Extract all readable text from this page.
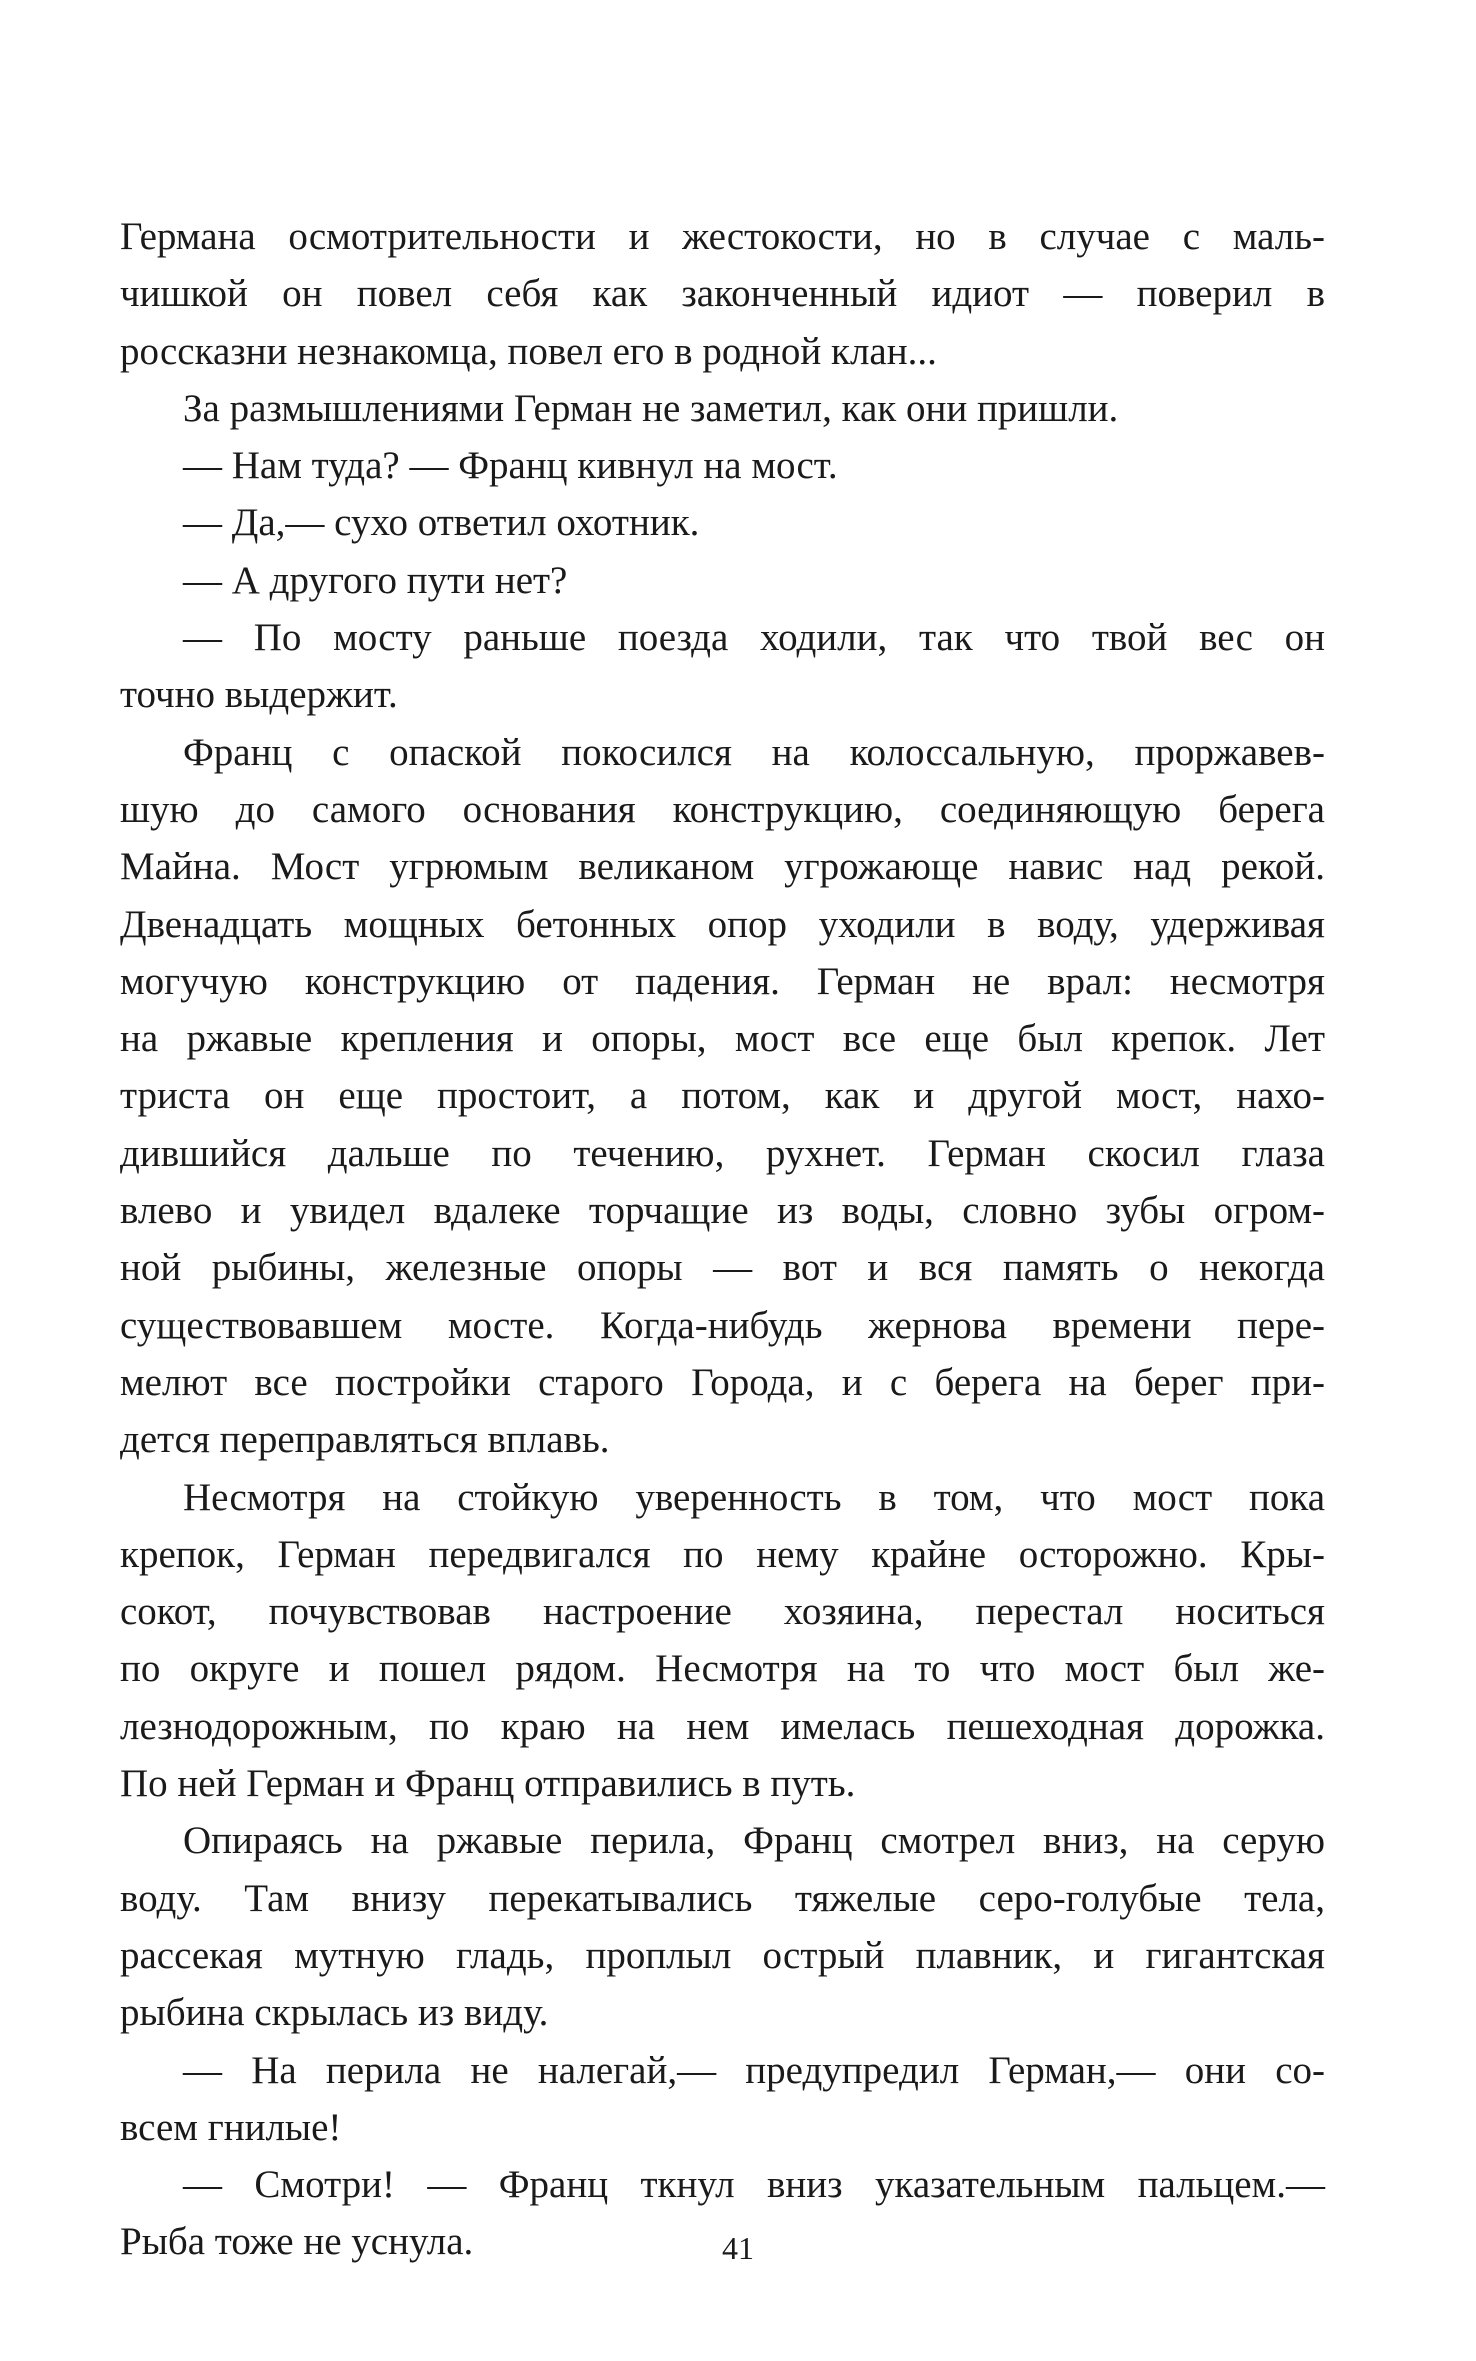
Германа осмотрительности и жестокости, но в случае с маль-
чишкой он повел себя как законченный идиот — поверил в
россказни незнакомца, повел его в родной клан...
За размышлениями Герман не заметил, как они пришли.
— Нам туда? — Франц кивнул на мост.
— Да,— сухо ответил охотник.
— А другого пути нет?
— По мосту раньше поезда ходили, так что твой вес он
точно выдержит.
Франц с опаской покосился на колоссальную, проржавев-
шую до самого основания конструкцию, соединяющую берега
Майна. Мост угрюмым великаном угрожающе навис над рекой.
Двенадцать мощных бетонных опор уходили в воду, удерживая
могучую конструкцию от падения. Герман не врал: несмотря
на ржавые крепления и опоры, мост все еще был крепок. Лет
триста он еще простоит, а потом, как и другой мост, нахо-
дившийся дальше по течению, рухнет. Герман скосил глаза
влево и увидел вдалеке торчащие из воды, словно зубы огром-
ной рыбины, железные опоры — вот и вся память о некогда
существовавшем мосте. Когда-нибудь жернова времени пере-
мелют все постройки старого Города, и с берега на берег при-
дется переправляться вплавь.
Несмотря на стойкую уверенность в том, что мост пока
крепок, Герман передвигался по нему крайне осторожно. Кры-
сокот, почувствовав настроение хозяина, перестал носиться
по округе и пошел рядом. Несмотря на то что мост был же-
лезнодорожным, по краю на нем имелась пешеходная дорожка.
По ней Герман и Франц отправились в путь.
Опираясь на ржавые перила, Франц смотрел вниз, на серую
воду. Там внизу перекатывались тяжелые серо-голубые тела,
рассекая мутную гладь, проплыл острый плавник, и гигантская
рыбина скрылась из виду.
— На перила не налегай,— предупредил Герман,— они со-
всем гнилые!
— Смотри! — Франц ткнул вниз указательным пальцем.—
Рыба тоже не уснула.	41
